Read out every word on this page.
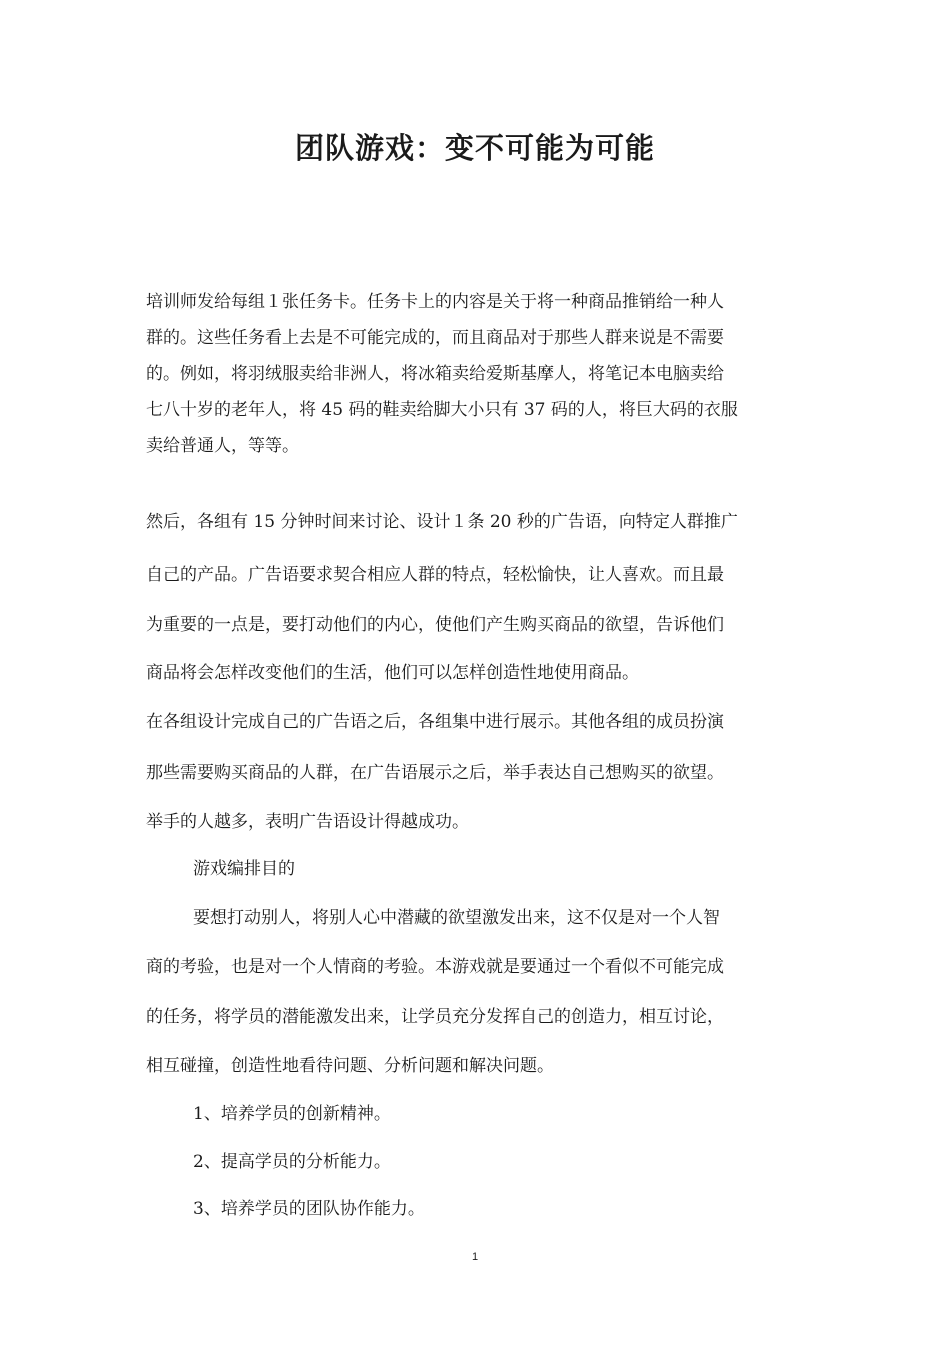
团队游戏：变不可能为可能
培训师发给每组１张任务卡。任务卡上的内容是关于将一种商品推销给一种人
群的。这些任务看上去是不可能完成的，而且商品对于那些人群来说是不需要
的。例如，将羽绒服卖给非洲人，将冰箱卖给爱斯基摩人，将笔记本电脑卖给
七八十岁的老年人，将 45 码的鞋卖给脚大小只有 37 码的人，将巨大码的衣服
卖给普通人，等等。
然后，各组有 15 分钟时间来讨论、设计１条 20 秒的广告语，向特定人群推广
自己的产品。广告语要求契合相应人群的特点，轻松愉快，让人喜欢。而且最
为重要的一点是，要打动他们的内心，使他们产生购买商品的欲望，告诉他们
商品将会怎样改变他们的生活，他们可以怎样创造性地使用商品。
在各组设计完成自己的广告语之后，各组集中进行展示。其他各组的成员扮演
那些需要购买商品的人群，在广告语展示之后，举手表达自己想购买的欲望。
举手的人越多，表明广告语设计得越成功。
游戏编排目的
要想打动别人，将别人心中潜藏的欲望激发出来，这不仅是对一个人智
商的考验，也是对一个人情商的考验。本游戏就是要通过一个看似不可能完成
的任务，将学员的潜能激发出来，让学员充分发挥自己的创造力，相互讨论，
相互碰撞，创造性地看待问题、分析问题和解决问题。
1、培养学员的创新精神。
2、提高学员的分析能力。
3、培养学员的团队协作能力。
1
